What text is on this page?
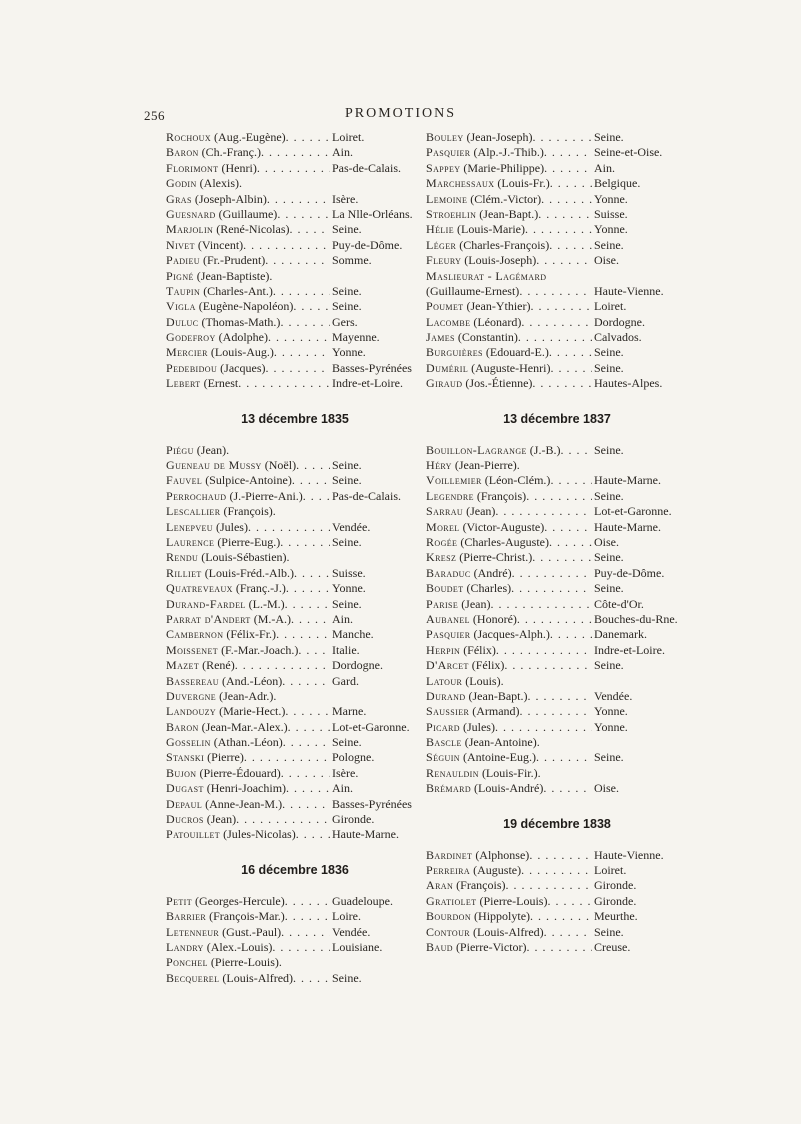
256	PROMOTIONS
Rochoux (Aug.-Eugène) . . .	Loiret.
Baron (Ch.-Franç.) . . .	Ain.
Florimont (Henri) . . .	Pas-de-Calais.
Godin (Alexis).
Gras (Joseph-Albin) . . .	Isère.
Guesnard (Guillaume) . . .	La Nlle-Orléans.
Marjolin (René-Nicolas) . . .	Seine.
Nivet (Vincent) . . .	Puy-de-Dôme.
Padieu (Fr.-Prudent) . . .	Somme.
Pigné (Jean-Baptiste).
Taupin (Charles-Ant.) . . .	Seine.
Vigla (Eugène-Napoléon) . . .	Seine.
Duluc (Thomas-Math.) . . .	Gers.
Godefroy (Adolphe) . . .	Mayenne.
Mercier (Louis-Aug.) . . .	Yonne.
Pedebidou (Jacques) . . .	Basses-Pyrénées
Lebert (Ernest . . .	Indre-et-Loire.
13 décembre 1835
Piégu (Jean).
Gueneau de Mussy (Noël) . . .	Seine.
Fauvel (Sulpice-Antoine) . . .	Seine.
Perrochaud (J.-Pierre-Ani.) . . . Pas-de-Calais.
Lescallier (François).
Lenepveu (Jules) . . .	Vendée.
Laurence (Pierre-Eug.) . . .	Seine.
Rendu (Louis-Sébastien).
Rilliet (Louis-Fréd.-Alb.) . . .	Suisse.
Quatreveaux (Franç.-J.) . . .	Yonne.
Durand-Fardel (L.-M.) . . .	Seine.
Parrat d'Andert (M.-A.) . . .	Ain.
Cambernon (Félix-Fr.) . . .	Manche.
Moissenet (F.-Mar.-Joach.) . . .	Italie.
Mazet (René) . . .	Dordogne.
Bassereau (And.-Léon) . . .	Gard.
Duvergne (Jean-Adr.).
Landouzy (Marie-Hect.) . . .	Marne.
Baron (Jean-Mar.-Alex.) . . .	Lot-et-Garonne.
Gosselin (Athan.-Léon) . . .	Seine.
Stanski (Pierre) . . .	Pologne.
Bujon (Pierre-Édouard) . . .	Isère.
Dugast (Henri-Joachim) . . .	Ain.
Depaul (Anne-Jean-M.) . . .	Basses-Pyrénées
Ducros (Jean) . . .	Gironde.
Patouillet (Jules-Nicolas) . . .	Haute-Marne.
16 décembre 1836
Petit (Georges-Hercule) . . .	Guadeloupe.
Barrier (François-Mar.) . . .	Loire.
Letenneur (Gust.-Paul) . . .	Vendée.
Landry (Alex.-Louis) . . .	Louisiane.
Ponchel (Pierre-Louis).
Becquerel (Louis-Alfred) . . .	Seine.
Bouley (Jean-Joseph) . . .	Seine.
Pasquier (Alp.-J.-Thib.) . . .	Seine-et-Oise.
Sappey (Marie-Philippe) . . .	Ain.
Marchessaux (Louis-Fr.) . . .	Belgique.
Lemoine (Clém.-Victor) . . .	Yonne.
Stroehlin (Jean-Bapt.) . . .	Suisse.
Hélie (Louis-Marie) . . .	Yonne.
Léger (Charles-François) . . .	Seine.
Fleury (Louis-Joseph) . . .	Oise.
Maslieurat - Lagémard
(Guillaume-Ernest) . . .	Haute-Vienne.
Poumet (Jean-Ythier) . . .	Loiret.
Lacombe (Léonard) . . .	Dordogne.
James (Constantin) . . .	Calvados.
Burguières (Edouard-E.) . . .	Seine.
Duméril (Auguste-Henri) . . .	Seine.
Giraud (Jos.-Étienne) . . .	Hautes-Alpes.
13 décembre 1837
Bouillon-Lagrange (J.-B.) . . .	Seine.
Héry (Jean-Pierre).
Voillemier (Léon-Clém.) . . .	Haute-Marne.
Legendre (François) . . .	Seine.
Sarrau (Jean) . . .	Lot-et-Garonne.
Morel (Victor-Auguste) . . .	Haute-Marne.
Rogée (Charles-Auguste) . . .	Oise.
Kresz (Pierre-Christ.) . . .	Seine.
Baraduc (André) . . .	Puy-de-Dôme.
Boudet (Charles) . . .	Seine.
Parise (Jean) . . .	Côte-d'Or.
Aubanel (Honoré) . . .	Bouches-du-Rne.
Pasquier (Jacques-Alph.) . . .	Danemark.
Herpin (Félix) . . .	Indre-et-Loire.
D'Arcet (Félix) . . .	Seine.
Latour (Louis).
Durand (Jean-Bapt.) . . .	Vendée.
Saussier (Armand) . . .	Yonne.
Picard (Jules) . . .	Yonne.
Bascle (Jean-Antoine).
Séguin (Antoine-Eug.) . . .	Seine.
Renauldin (Louis-Fir.).
Brémard (Louis-André) . . .	Oise.
19 décembre 1838
Bardinet (Alphonse) . . .	Haute-Vienne.
Perreira (Auguste) . . .	Loiret.
Aran (François) . . .	Gironde.
Gratiolet (Pierre-Louis) . . .	Gironde.
Bourdon (Hippolyte) . . .	Meurthe.
Contour (Louis-Alfred) . . .	Seine.
Baud (Pierre-Victor) . . .	Creuse.
